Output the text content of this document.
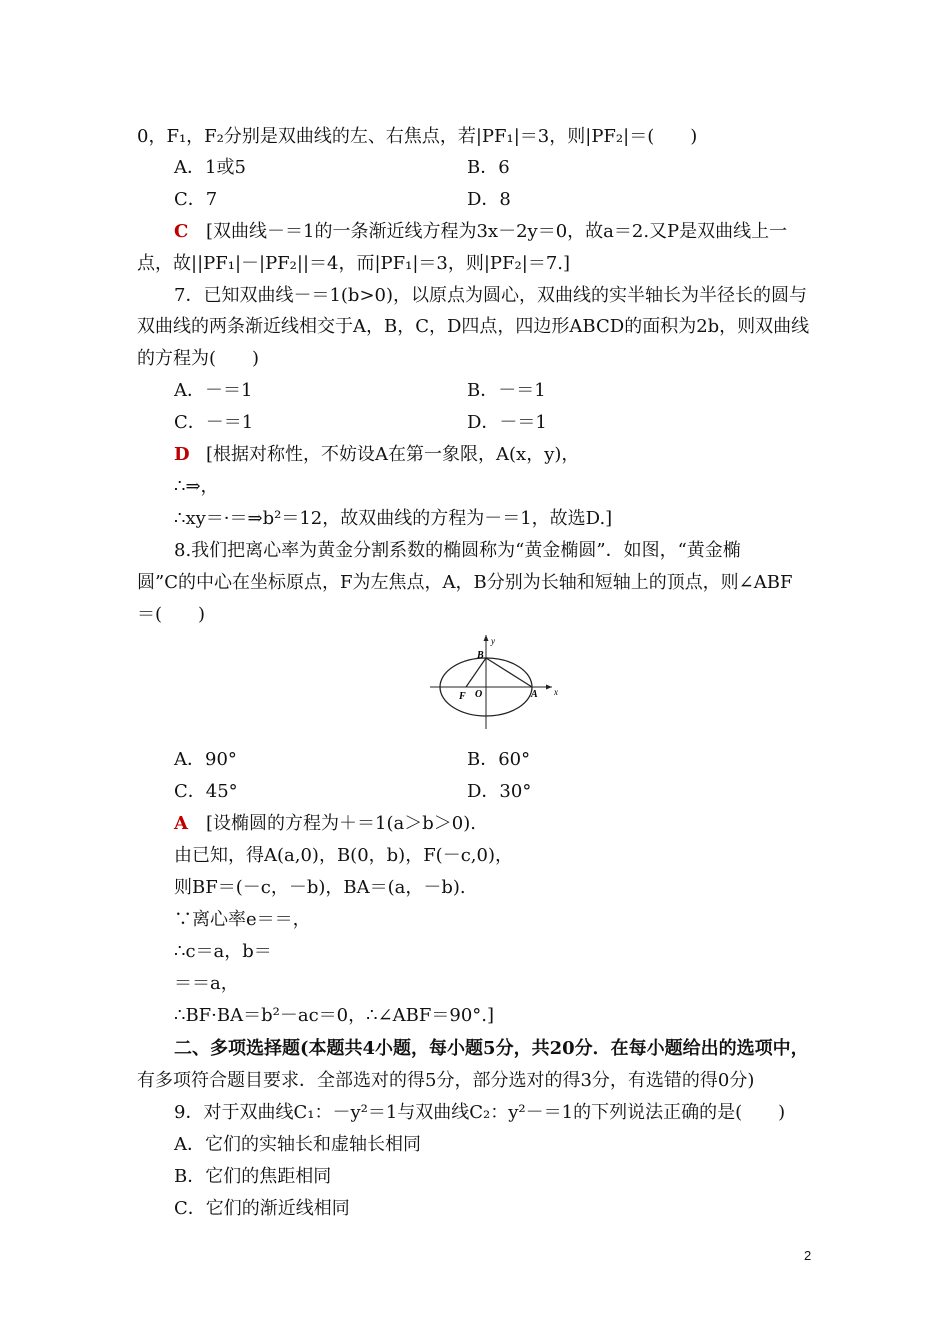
0，F₁，F₂分别是双曲线的左、右焦点，若|PF₁|＝3，则|PF₂|＝(　　)
A．1或5	B．6
C．7	D．8
C [双曲线－＝1的一条渐近线方程为3x－2y＝0，故a＝2.又P是双曲线上一
点，故||PF₁|－|PF₂||＝4，而|PF₁|＝3，则|PF₂|＝7.]
7．已知双曲线－＝1(b>0)，以原点为圆心，双曲线的实半轴长为半径长的圆与
双曲线的两条渐近线相交于A，B，C，D四点，四边形ABCD的面积为2b，则双曲线
的方程为(　　)
A．－＝1	B．－＝1
C．－＝1	D．－＝1
D [根据对称性，不妨设A在第一象限，A(x，y)，
∴⇒，
∴xy＝·＝⇒b²＝12，故双曲线的方程为－＝1，故选D.]
8.我们把离心率为黄金分割系数的椭圆称为“黄金椭圆”．如图，“黄金椭
圆”C的中心在坐标原点，F为左焦点，A，B分别为长轴和短轴上的顶点，则∠ABF
＝(　　)
y
x
B
F O	A
A．90°	B．60°
C．45°	D．30°
A [设椭圆的方程为＋＝1(a＞b＞0).
由已知，得A(a,0)，B(0，b)，F(－c,0)，
则BF＝(－c，－b)，BA＝(a，－b).
∵离心率e＝＝，
∴c＝a，b＝
＝＝a，
∴BF·BA＝b²－ac＝0，∴∠ABF＝90°.]
二、多项选择题(本题共4小题，每小题5分，共20分．在每小题给出的选项中，
有多项符合题目要求．全部选对的得5分，部分选对的得3分，有选错的得0分)
9．对于双曲线C₁：－y²＝1与双曲线C₂：y²－＝1的下列说法正确的是(　　)
A．它们的实轴长和虚轴长相同
B．它们的焦距相同
C．它们的渐近线相同
2
